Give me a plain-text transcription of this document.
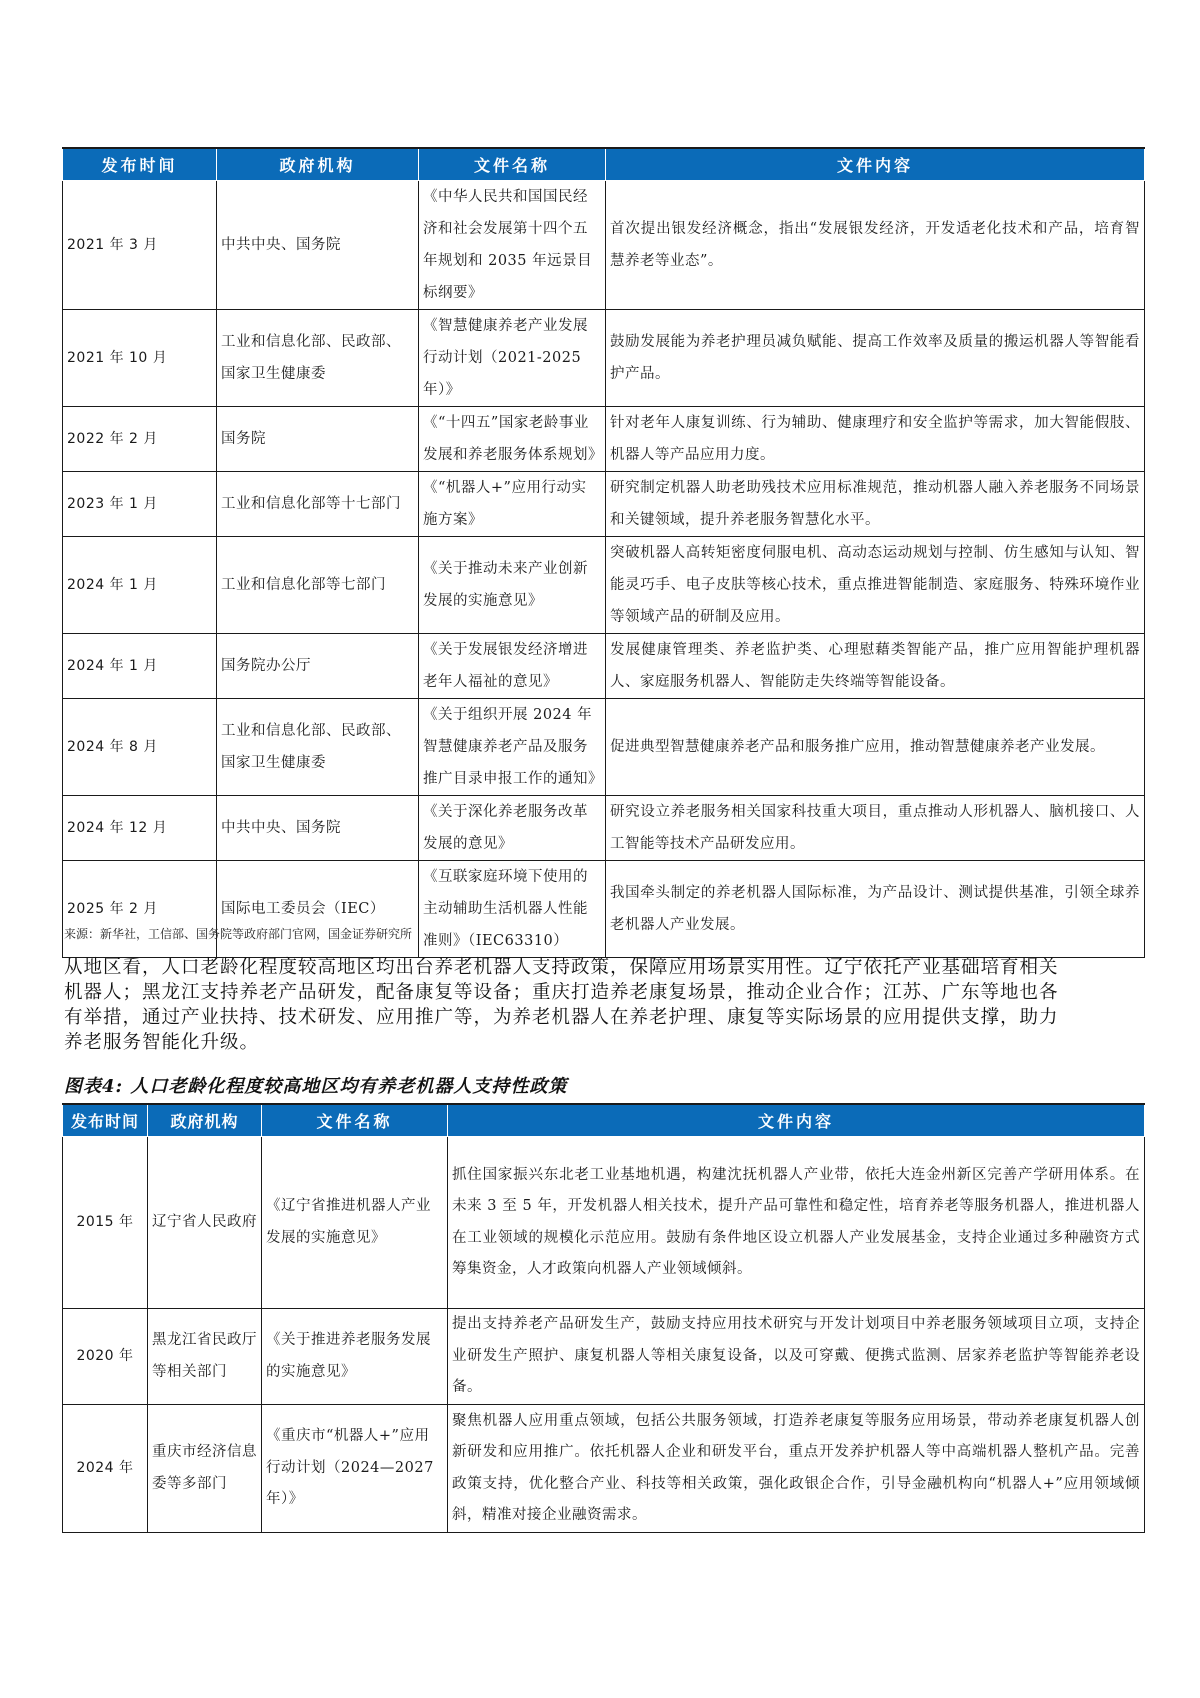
发布时间	政府机构	文件名称	文件内容
2021 年 3 月	中共中央、国务院	《中华人民共和国国民经济和社会发展第十四个五年规划和 2035 年远景目标纲要》	首次提出银发经济概念，指出“发展银发经济，开发适老化技术和产品，培育智慧养老等业态”。
2021 年 10 月	工业和信息化部、民政部、国家卫生健康委	《智慧健康养老产业发展行动计划（2021-2025 年）》	鼓励发展能为养老护理员减负赋能、提高工作效率及质量的搬运机器人等智能看护产品。
2022 年 2 月	国务院	《“十四五”国家老龄事业发展和养老服务体系规划》	针对老年人康复训练、行为辅助、健康理疗和安全监护等需求，加大智能假肢、机器人等产品应用力度。
2023 年 1 月	工业和信息化部等十七部门	《“机器人+”应用行动实施方案》	研究制定机器人助老助残技术应用标准规范，推动机器人融入养老服务不同场景和关键领域，提升养老服务智慧化水平。
2024 年 1 月	工业和信息化部等七部门	《关于推动未来产业创新发展的实施意见》	突破机器人高转矩密度伺服电机、高动态运动规划与控制、仿生感知与认知、智能灵巧手、电子皮肤等核心技术，重点推进智能制造、家庭服务、特殊环境作业等领域产品的研制及应用。
2024 年 1 月	国务院办公厅	《关于发展银发经济增进老年人福祉的意见》	发展健康管理类、养老监护类、心理慰藉类智能产品，推广应用智能护理机器人、家庭服务机器人、智能防走失终端等智能设备。
2024 年 8 月	工业和信息化部、民政部、国家卫生健康委	《关于组织开展 2024 年智慧健康养老产品及服务推广目录申报工作的通知》	促进典型智慧健康养老产品和服务推广应用，推动智慧健康养老产业发展。
2024 年 12 月	中共中央、国务院	《关于深化养老服务改革发展的意见》	研究设立养老服务相关国家科技重大项目，重点推动人形机器人、脑机接口、人工智能等技术产品研发应用。
2025 年 2 月	国际电工委员会（IEC）	《互联家庭环境下使用的主动辅助生活机器人性能准则》（IEC63310）	我国牵头制定的养老机器人国际标准，为产品设计、测试提供基准，引领全球养老机器人产业发展。
来源：新华社，工信部、国务院等政府部门官网，国金证券研究所

从地区看，人口老龄化程度较高地区均出台养老机器人支持政策，保障应用场景实用性。辽宁依托产业基础培育相关

机器人；黑龙江支持养老产品研发，配备康复等设备；重庆打造养老康复场景，推动企业合作；江苏、广东等地也各

有举措，通过产业扶持、技术研发、应用推广等，为养老机器人在养老护理、康复等实际场景的应用提供支撑，助力

养老服务智能化升级。

图表4: 人口老龄化程度较高地区均有养老机器人支持性政策
发布时间	政府机构	文件名称	文件内容
2015 年	辽宁省人民政府	《辽宁省推进机器人产业发展的实施意见》	抓住国家振兴东北老工业基地机遇，构建沈抚机器人产业带，依托大连金州新区完善产学研用体系。在未来 3 至 5 年，开发机器人相关技术，提升产品可靠性和稳定性，培育养老等服务机器人，推进机器人在工业领域的规模化示范应用。鼓励有条件地区设立机器人产业发展基金，支持企业通过多种融资方式筹集资金，人才政策向机器人产业领域倾斜。
2020 年	黑龙江省民政厅等相关部门	《关于推进养老服务发展的实施意见》	提出支持养老产品研发生产，鼓励支持应用技术研究与开发计划项目中养老服务领域项目立项，支持企业研发生产照护、康复机器人等相关康复设备，以及可穿戴、便携式监测、居家养老监护等智能养老设备。
2024 年	重庆市经济信息委等多部门	《重庆市“机器人+”应用行动计划（2024—2027 年）》	聚焦机器人应用重点领域，包括公共服务领域，打造养老康复等服务应用场景，带动养老康复机器人创新研发和应用推广。依托机器人企业和研发平台，重点开发养护机器人等中高端机器人整机产品。完善政策支持，优化整合产业、科技等相关政策，强化政银企合作，引导金融机构向“机器人+”应用领域倾斜，精准对接企业融资需求。
